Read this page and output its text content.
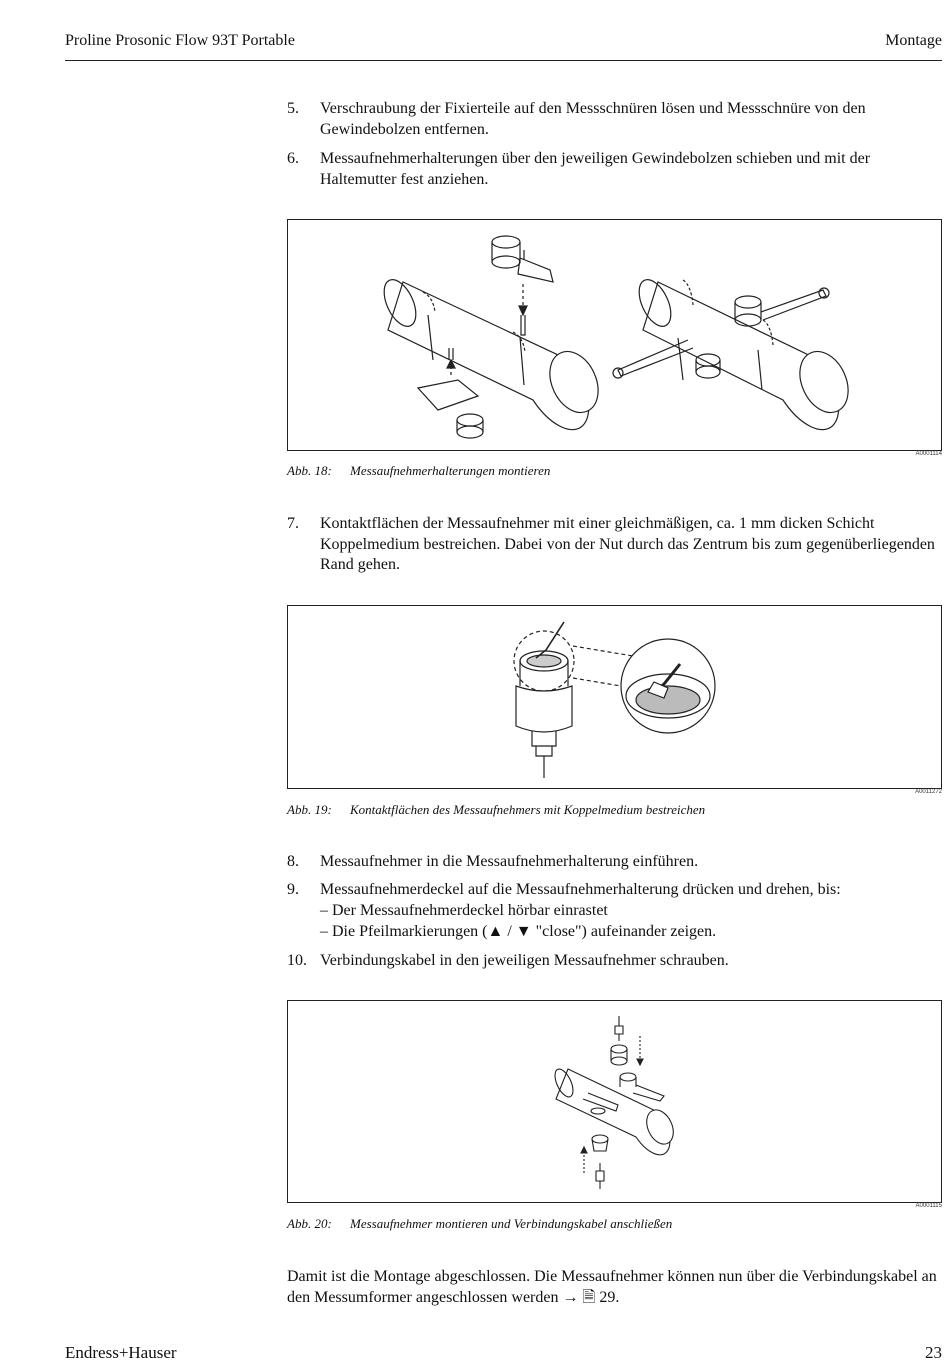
Proline Prosonic Flow 93T Portable	Montage
5. Verschraubung der Fixierteile auf den Messschnüren lösen und Messschnüre von den Gewindebolzen entfernen.
6. Messaufnehmerhalterungen über den jeweiligen Gewindebolzen schieben und mit der Haltemutter fest anziehen.
A0001114
Abb. 18: Messaufnehmerhalterungen montieren
7. Kontaktflächen der Messaufnehmer mit einer gleichmäßigen, ca. 1 mm dicken Schicht Koppelmedium bestreichen. Dabei von der Nut durch das Zentrum bis zum gegenüberliegenden Rand gehen.
A0011272
Abb. 19: Kontaktflächen des Messaufnehmers mit Koppelmedium bestreichen
8. Messaufnehmer in die Messaufnehmerhalterung einführen.
9. Messaufnehmerdeckel auf die Messaufnehmerhalterung drücken und drehen, bis:
– Der Messaufnehmerdeckel hörbar einrastet
– Die Pfeilmarkierungen (▲ / ▼ "close") aufeinander zeigen.
10. Verbindungskabel in den jeweiligen Messaufnehmer schrauben.
A0001115
Abb. 20: Messaufnehmer montieren und Verbindungskabel anschließen
Damit ist die Montage abgeschlossen. Die Messaufnehmer können nun über die Verbindungskabel an den Messumformer angeschlossen werden → 🗎 29.
Endress+Hauser	23
